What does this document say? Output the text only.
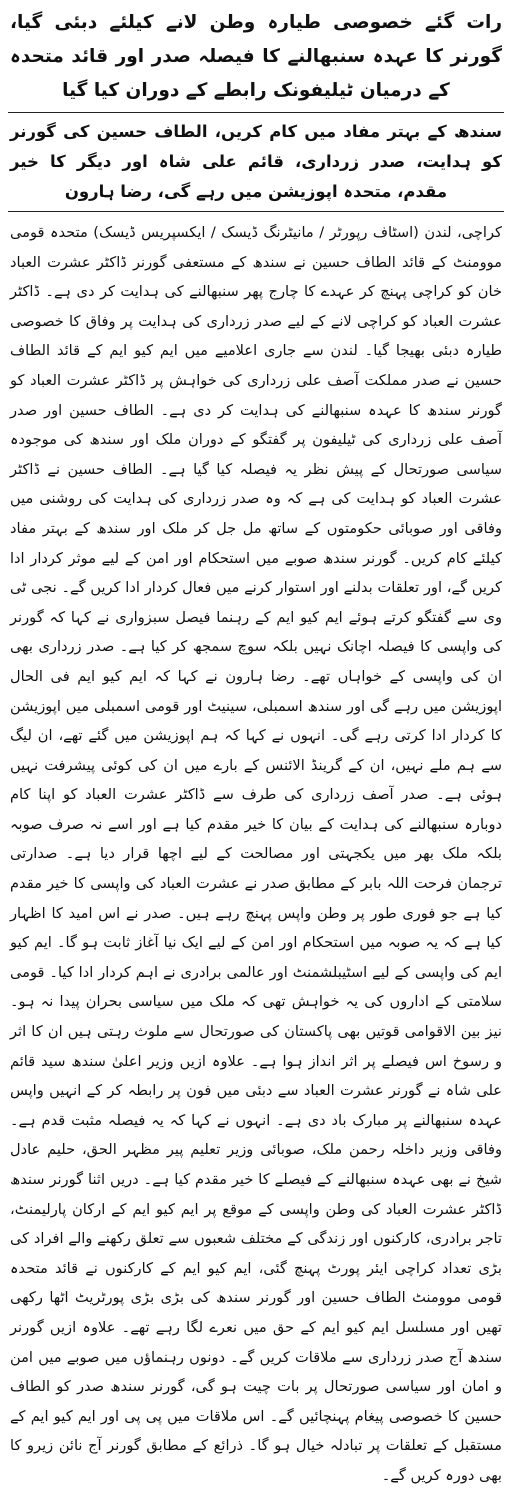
رات گئے خصوصی طیارہ وطن لانے کیلئے دبئی گیا، گورنر کا عہدہ سنبھالنے کا فیصلہ صدر اور قائد متحدہ کے درمیان ٹیلیفونک رابطے کے دوران کیا گیا
سندھ کے بہتر مفاد میں کام کریں، الطاف حسین کی گورنر کو ہدایت، صدر زرداری، قائم علی شاہ اور دیگر کا خیر مقدم، متحدہ اپوزیشن میں رہے گی، رضا ہارون

کراچی، لندن (اسٹاف رپورٹر / مانیٹرنگ ڈیسک / ایکسپریس ڈیسک) متحدہ قومی موومنٹ کے قائد الطاف حسین نے سندھ کے مستعفی گورنر ڈاکٹر عشرت العباد خان کو کراچی پہنچ کر عہدے کا چارج پھر سنبھالنے کی ہدایت کر دی ہے۔ ڈاکٹر عشرت العباد کو کراچی لانے کے لیے صدر زرداری کی ہدایت پر وفاق کا خصوصی طیارہ دبئی بھیجا گیا۔ لندن سے جاری اعلامیے میں ایم کیو ایم کے قائد الطاف حسین نے صدر مملکت آصف علی زرداری کی خواہش پر ڈاکٹر عشرت العباد کو گورنر سندھ کا عہدہ سنبھالنے کی ہدایت کر دی ہے۔ الطاف حسین اور صدر آصف علی زرداری کی ٹیلیفون پر گفتگو کے دوران ملک اور سندھ کی موجودہ سیاسی صورتحال کے پیش نظر یہ فیصلہ کیا گیا ہے۔ الطاف حسین نے ڈاکٹر عشرت العباد کو ہدایت کی ہے کہ وہ صدر زرداری کی ہدایت کی روشنی میں وفاقی اور صوبائی حکومتوں کے ساتھ مل جل کر ملک اور سندھ کے بہتر مفاد کیلئے کام کریں۔ گورنر سندھ صوبے میں استحکام اور امن کے لیے موثر کردار ادا کریں گے، اور تعلقات بدلنے اور استوار کرنے میں فعال کردار ادا کریں گے۔ نجی ٹی وی سے گفتگو کرتے ہوئے ایم کیو ایم کے رہنما فیصل سبزواری نے کہا کہ گورنر کی واپسی کا فیصلہ اچانک نہیں بلکہ سوچ سمجھ کر کیا ہے۔ صدر زرداری بھی ان کی واپسی کے خواہاں تھے۔ رضا ہارون نے کہا کہ ایم کیو ایم فی الحال اپوزیشن میں رہے گی اور سندھ اسمبلی، سینیٹ اور قومی اسمبلی میں اپوزیشن کا کردار ادا کرتی رہے گی۔ انہوں نے کہا کہ ہم اپوزیشن میں گئے تھے، ان لیگ سے ہم ملے نہیں، ان کے گرینڈ الائنس کے بارے میں ان کی کوئی پیشرفت نہیں ہوئی ہے۔ صدر آصف زرداری کی طرف سے ڈاکٹر عشرت العباد کو اپنا کام دوبارہ سنبھالنے کی ہدایت کے بیان کا خیر مقدم کیا ہے اور اسے نہ صرف صوبہ بلکہ ملک بھر میں یکجہتی اور مصالحت کے لیے اچھا قرار دیا ہے۔ صدارتی ترجمان فرحت اللہ بابر کے مطابق صدر نے عشرت العباد کی واپسی کا خیر مقدم کیا ہے جو فوری طور پر وطن واپس پہنچ رہے ہیں۔ صدر نے اس امید کا اظہار کیا ہے کہ یہ صوبہ میں استحکام اور امن کے لیے ایک نیا آغاز ثابت ہو گا۔ ایم کیو ایم کی واپسی کے لیے اسٹیبلشمنٹ اور عالمی برادری نے اہم کردار ادا کیا۔ قومی سلامتی کے اداروں کی یہ خواہش تھی کہ ملک میں سیاسی بحران پیدا نہ ہو۔ نیز بین الاقوامی قوتیں بھی پاکستان کی صورتحال سے ملوث رہتی ہیں ان کا اثر و رسوخ اس فیصلے پر اثر انداز ہوا ہے۔ علاوہ ازیں وزیر اعلیٰ سندھ سید قائم علی شاہ نے گورنر عشرت العباد سے دبئی میں فون پر رابطہ کر کے انہیں واپس عہدہ سنبھالنے پر مبارک باد دی ہے۔ انہوں نے کہا کہ یہ فیصلہ مثبت قدم ہے۔ وفاقی وزیر داخلہ رحمن ملک، صوبائی وزیر تعلیم پیر مظہر الحق، حلیم عادل شیخ نے بھی عہدہ سنبھالنے کے فیصلے کا خیر مقدم کیا ہے۔ دریں اثنا گورنر سندھ ڈاکٹر عشرت العباد کی وطن واپسی کے موقع پر ایم کیو ایم کے ارکان پارلیمنٹ، تاجر برادری، کارکنوں اور زندگی کے مختلف شعبوں سے تعلق رکھنے والے افراد کی بڑی تعداد کراچی ایئر پورٹ پہنچ گئی، ایم کیو ایم کے کارکنوں نے قائد متحدہ قومی موومنٹ الطاف حسین اور گورنر سندھ کی بڑی بڑی پورٹریٹ اٹھا رکھی تھیں اور مسلسل ایم کیو ایم کے حق میں نعرے لگا رہے تھے۔ علاوہ ازیں گورنر سندھ آج صدر زرداری سے ملاقات کریں گے۔ دونوں رہنماؤں میں صوبے میں امن و امان اور سیاسی صورتحال پر بات چیت ہو گی، گورنر سندھ صدر کو الطاف حسین کا خصوصی پیغام پہنچائیں گے۔ اس ملاقات میں پی پی اور ایم کیو ایم کے مستقبل کے تعلقات پر تبادلہ خیال ہو گا۔ ذرائع کے مطابق گورنر آج نائن زیرو کا بھی دورہ کریں گے۔
